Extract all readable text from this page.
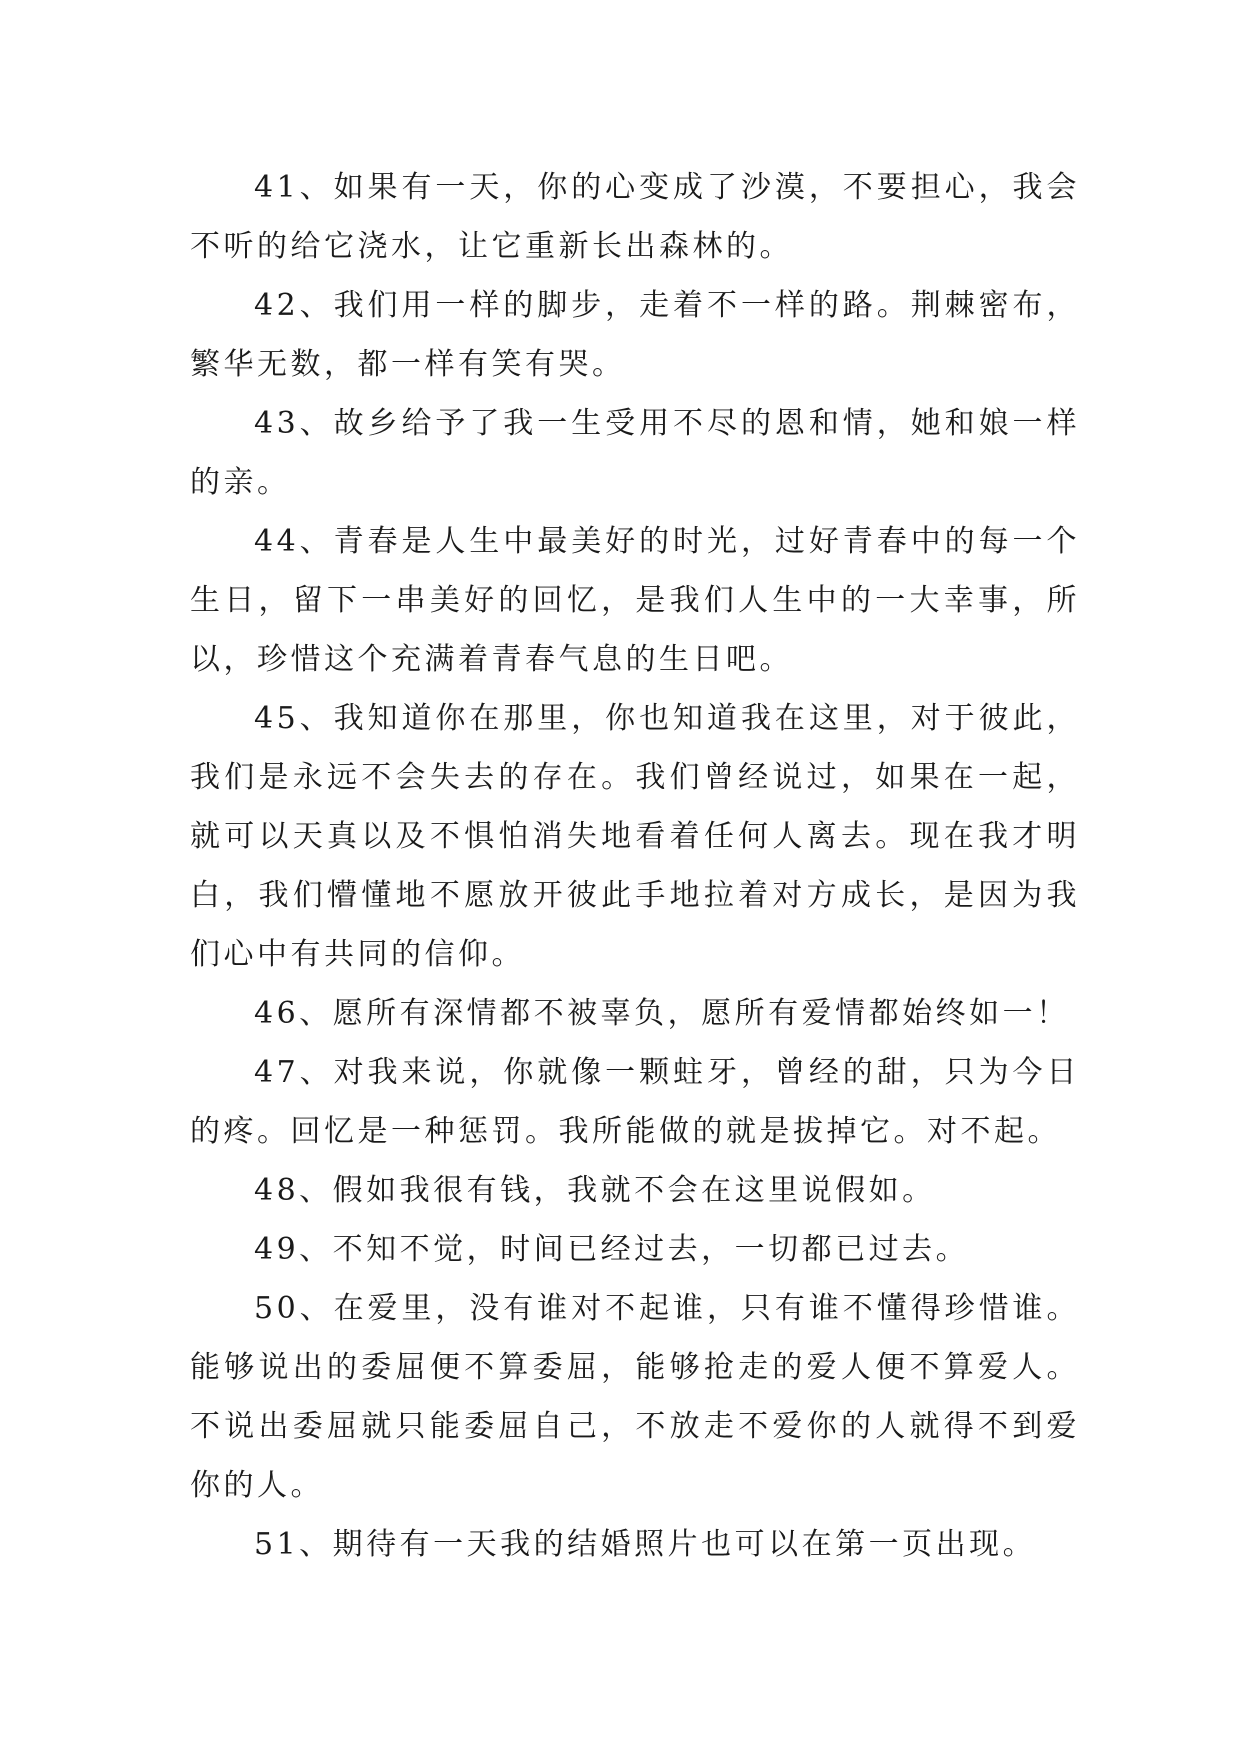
41、如果有一天，你的心变成了沙漠，不要担心，我会不听的给它浇水，让它重新长出森林的。

42、我们用一样的脚步，走着不一样的路。荆棘密布，繁华无数，都一样有笑有哭。

43、故乡给予了我一生受用不尽的恩和情，她和娘一样的亲。

44、青春是人生中最美好的时光，过好青春中的每一个生日，留下一串美好的回忆，是我们人生中的一大幸事，所以，珍惜这个充满着青春气息的生日吧。

45、我知道你在那里，你也知道我在这里，对于彼此，我们是永远不会失去的存在。我们曾经说过，如果在一起，就可以天真以及不惧怕消失地看着任何人离去。现在我才明白，我们懵懂地不愿放开彼此手地拉着对方成长，是因为我们心中有共同的信仰。

46、愿所有深情都不被辜负，愿所有爱情都始终如一！

47、对我来说，你就像一颗蛀牙，曾经的甜，只为今日的疼。回忆是一种惩罚。我所能做的就是拔掉它。对不起。

48、假如我很有钱，我就不会在这里说假如。

49、不知不觉，时间已经过去，一切都已过去。

50、在爱里，没有谁对不起谁，只有谁不懂得珍惜谁。能够说出的委屈便不算委屈，能够抢走的爱人便不算爱人。不说出委屈就只能委屈自己，不放走不爱你的人就得不到爱你的人。

51、期待有一天我的结婚照片也可以在第一页出现。
